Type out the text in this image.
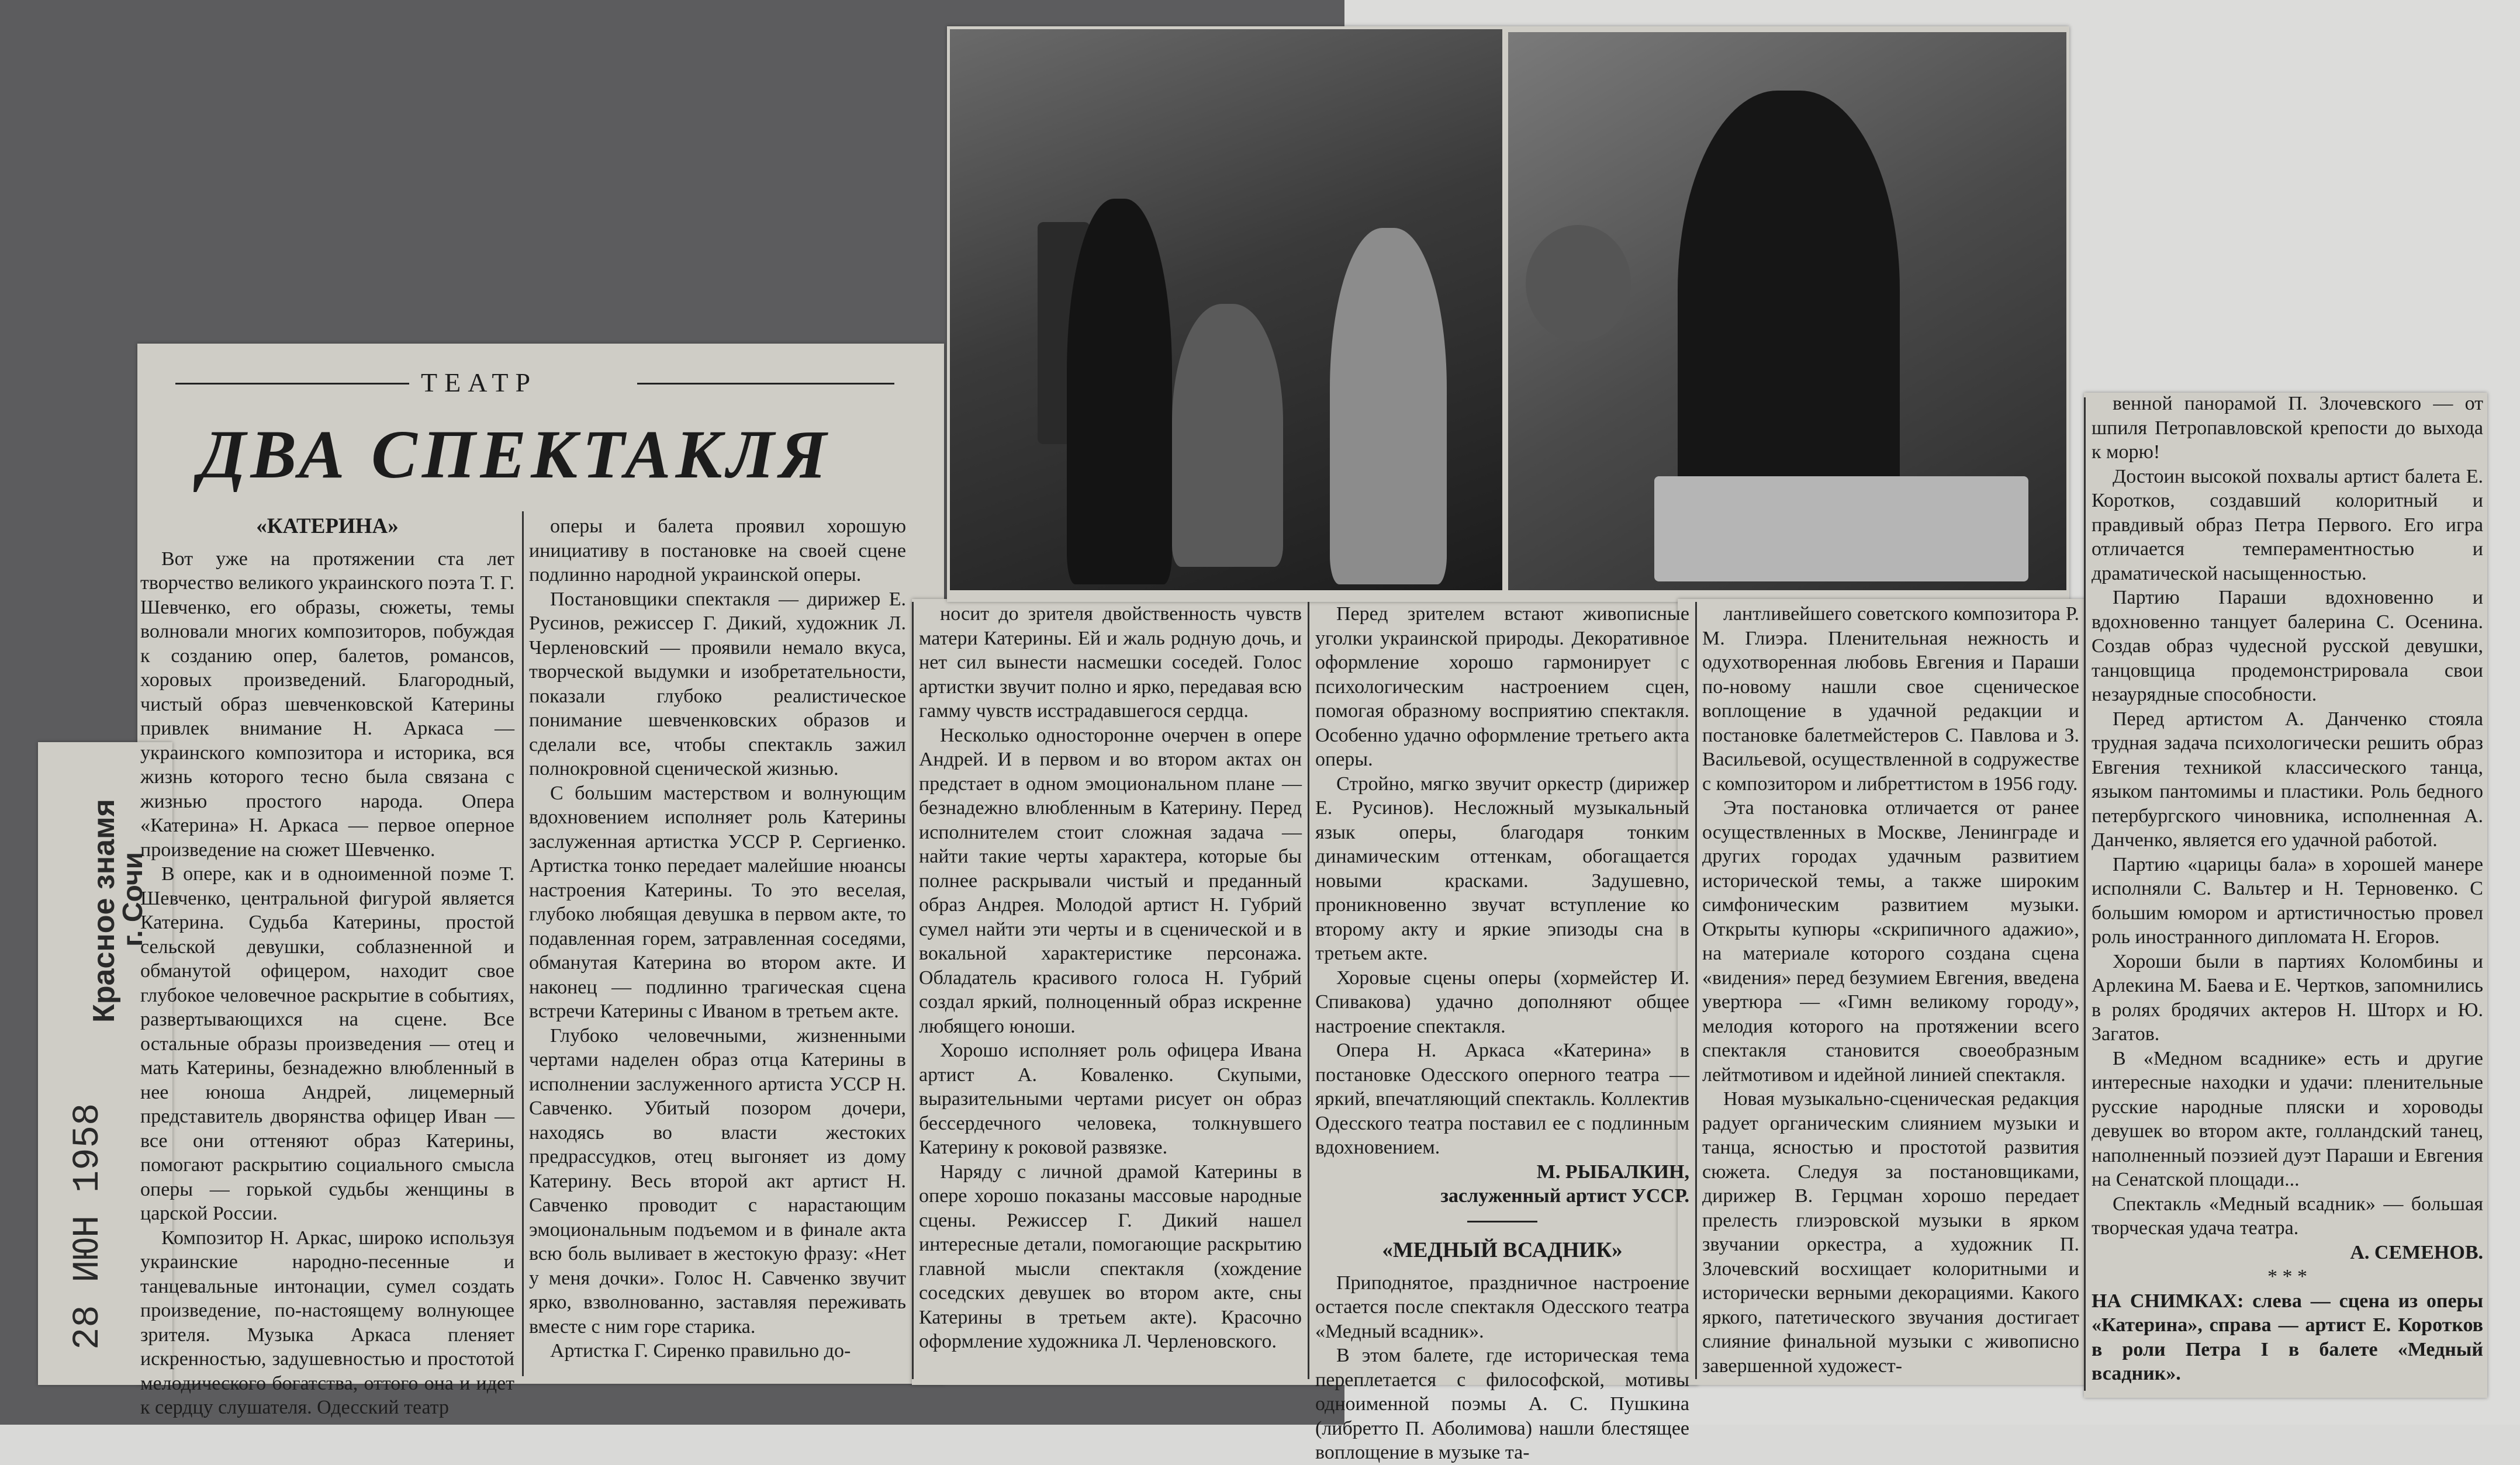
Красное знамя
г. Сочи
28 ИЮН 1958
ТЕАТР
ДВА СПЕКТАКЛЯ

«КАТЕРИНА»

Вот уже на протяжении ста лет творчество великого украинского поэта Т. Г. Шевченко, его образы, сюжеты, темы волновали многих композиторов, побуждая к созданию опер, балетов, романсов, хоровых произведений. Благородный, чистый образ шевченковской Катерины привлек внимание Н. Аркаса — украинского композитора и историка, вся жизнь которого тесно была связана с жизнью простого народа. Опера «Катерина» Н. Аркаса — первое оперное произведение на сюжет Шевченко.

В опере, как и в одноименной поэме Т. Шевченко, центральной фигурой является Катерина. Судьба Катерины, простой сельской девушки, соблазненной и обманутой офицером, находит свое глубокое человечное раскрытие в событиях, развертывающихся на сцене. Все остальные образы произведения — отец и мать Катерины, безнадежно влюбленный в нее юноша Андрей, лицемерный представитель дворянства офицер Иван — все они оттеняют образ Катерины, помогают раскрытию социального смысла оперы — горькой судьбы женщины в царской России.

Композитор Н. Аркас, широко используя украинские народно-песенные и танцевальные интонации, сумел создать произведение, по-настоящему волнующее зрителя. Музыка Аркаса пленяет искренностью, задушевностью и простотой мелодического богатства, оттого она и идет к сердцу слушателя. Одесский театр

оперы и балета проявил хорошую инициативу в постановке на своей сцене подлинно народной украинской оперы.

Постановщики спектакля — дирижер Е. Русинов, режиссер Г. Дикий, художник Л. Черленовский — проявили немало вкуса, творческой выдумки и изобретательности, показали глубоко реалистическое понимание шевченковских образов и сделали все, чтобы спектакль зажил полнокровной сценической жизнью.

С большим мастерством и волнующим вдохновением исполняет роль Катерины заслуженная артистка УССР Р. Сергиенко. Артистка тонко передает малейшие нюансы настроения Катерины. То это веселая, глубоко любящая девушка в первом акте, то подавленная горем, затравленная соседями, обманутая Катерина во втором акте. И наконец — подлинно трагическая сцена встречи Катерины с Иваном в третьем акте.

Глубоко человечными, жизненными чертами наделен образ отца Катерины в исполнении заслуженного артиста УССР Н. Савченко. Убитый позором дочери, находясь во власти жестоких предрассудков, отец выгоняет из дому Катерину. Весь второй акт артист Н. Савченко проводит с нарастающим эмоциональным подъемом и в финале акта всю боль выливает в жестокую фразу: «Нет у меня дочки». Голос Н. Савченко звучит ярко, взволнованно, заставляя переживать вместе с ним горе старика.

Артистка Г. Сиренко правильно до-

носит до зрителя двойственность чувств матери Катерины. Ей и жаль родную дочь, и нет сил вынести насмешки соседей. Голос артистки звучит полно и ярко, передавая всю гамму чувств исстрадавшегося сердца.

Несколько односторонне очерчен в опере Андрей. И в первом и во втором актах он предстает в одном эмоциональном плане — безнадежно влюбленным в Катерину. Перед исполнителем стоит сложная задача — найти такие черты характера, которые бы полнее раскрывали чистый и преданный образ Андрея. Молодой артист Н. Губрий сумел найти эти черты и в сценической и в вокальной характеристике персонажа. Обладатель красивого голоса Н. Губрий создал яркий, полноценный образ искренне любящего юноши.

Хорошо исполняет роль офицера Ивана артист А. Коваленко. Скупыми, выразительными чертами рисует он образ бессердечного человека, толкнувшего Катерину к роковой развязке.

Наряду с личной драмой Катерины в опере хорошо показаны массовые народные сцены. Режиссер Г. Дикий нашел интересные детали, помогающие раскрытию главной мысли спектакля (хождение соседских девушек во втором акте, сны Катерины в третьем акте). Красочно оформление художника Л. Черленовского.

Перед зрителем встают живописные уголки украинской природы. Декоративное оформление хорошо гармонирует с психологическим настроением сцен, помогая образному восприятию спектакля. Особенно удачно оформление третьего акта оперы.

Стройно, мягко звучит оркестр (дирижер Е. Русинов). Несложный музыкальный язык оперы, благодаря тонким динамическим оттенкам, обогащается новыми красками. Задушевно, проникновенно звучат вступление ко второму акту и яркие эпизоды сна в третьем акте.

Хоровые сцены оперы (хормейстер И. Спивакова) удачно дополняют общее настроение спектакля.

Опера Н. Аркаса «Катерина» в постановке Одесского оперного театра — яркий, впечатляющий спектакль. Коллектив Одесского театра поставил ее с подлинным вдохновением.

М. РЫБАЛКИН,

заслуженный артист УССР.

«МЕДНЫЙ ВСАДНИК»

Приподнятое, праздничное настроение остается после спектакля Одесского театра «Медный всадник».

В этом балете, где историческая тема переплетается с философской, мотивы одноименной поэмы А. С. Пушкина (либретто П. Аболимова) нашли блестящее воплощение в музыке та-

лантливейшего советского композитора Р. М. Глиэра. Пленительная нежность и одухотворенная любовь Евгения и Параши по-новому нашли свое сценическое воплощение в удачной редакции и постановке балетмейстеров С. Павлова и З. Васильевой, осуществленной в содружестве с композитором и либреттистом в 1956 году.

Эта постановка отличается от ранее осуществленных в Москве, Ленинграде и других городах удачным развитием исторической темы, а также широким симфоническим развитием музыки. Открыты купюры «скрипичного адажио», на материале которого создана сцена «видения» перед безумием Евгения, введена увертюра — «Гимн великому городу», мелодия которого на протяжении всего спектакля становится своеобразным лейтмотивом и идейной линией спектакля.

Новая музыкально-сценическая редакция радует органическим слиянием музыки и танца, ясностью и простотой развития сюжета. Следуя за постановщиками, дирижер В. Герцман хорошо передает прелесть глиэровской музыки в ярком звучании оркестра, а художник П. Злочевский восхищает колоритными и исторически верными декорациями. Какого яркого, патетического звучания достигает слияние финальной музыки с живописно завершенной художест-

венной панорамой П. Злочевского — от шпиля Петропавловской крепости до выхода к морю!

Достоин высокой похвалы артист балета Е. Коротков, создавший колоритный и правдивый образ Петра Первого. Его игра отличается темпераментностью и драматической насыщенностью.

Партию Параши вдохновенно и вдохновенно танцует балерина С. Осенина. Создав образ чудесной русской девушки, танцовщица продемонстрировала свои незаурядные способности.

Перед артистом А. Данченко стояла трудная задача психологически решить образ Евгения техникой классического танца, языком пантомимы и пластики. Роль бедного петербургского чиновника, исполненная А. Данченко, является его удачной работой.

Партию «царицы бала» в хорошей манере исполняли С. Вальтер и Н. Терновенко. С большим юмором и артистичностью провел роль иностранного дипломата Н. Егоров.

Хороши были в партиях Коломбины и Арлекина М. Баева и Е. Чертков, запомнились в ролях бродячих актеров Н. Шторх и Ю. Загатов.

В «Медном всаднике» есть и другие интересные находки и удачи: пленительные русские народные пляски и хороводы девушек во втором акте, голландский танец, наполненный поэзией дуэт Параши и Евгения на Сенатской площади...

Спектакль «Медный всадник» — большая творческая удача театра.

А. СЕМЕНОВ.

* * *

НА СНИМКАХ: слева — сцена из оперы «Катерина», справа — артист Е. Коротков в роли Петра I в балете «Медный всадник».
